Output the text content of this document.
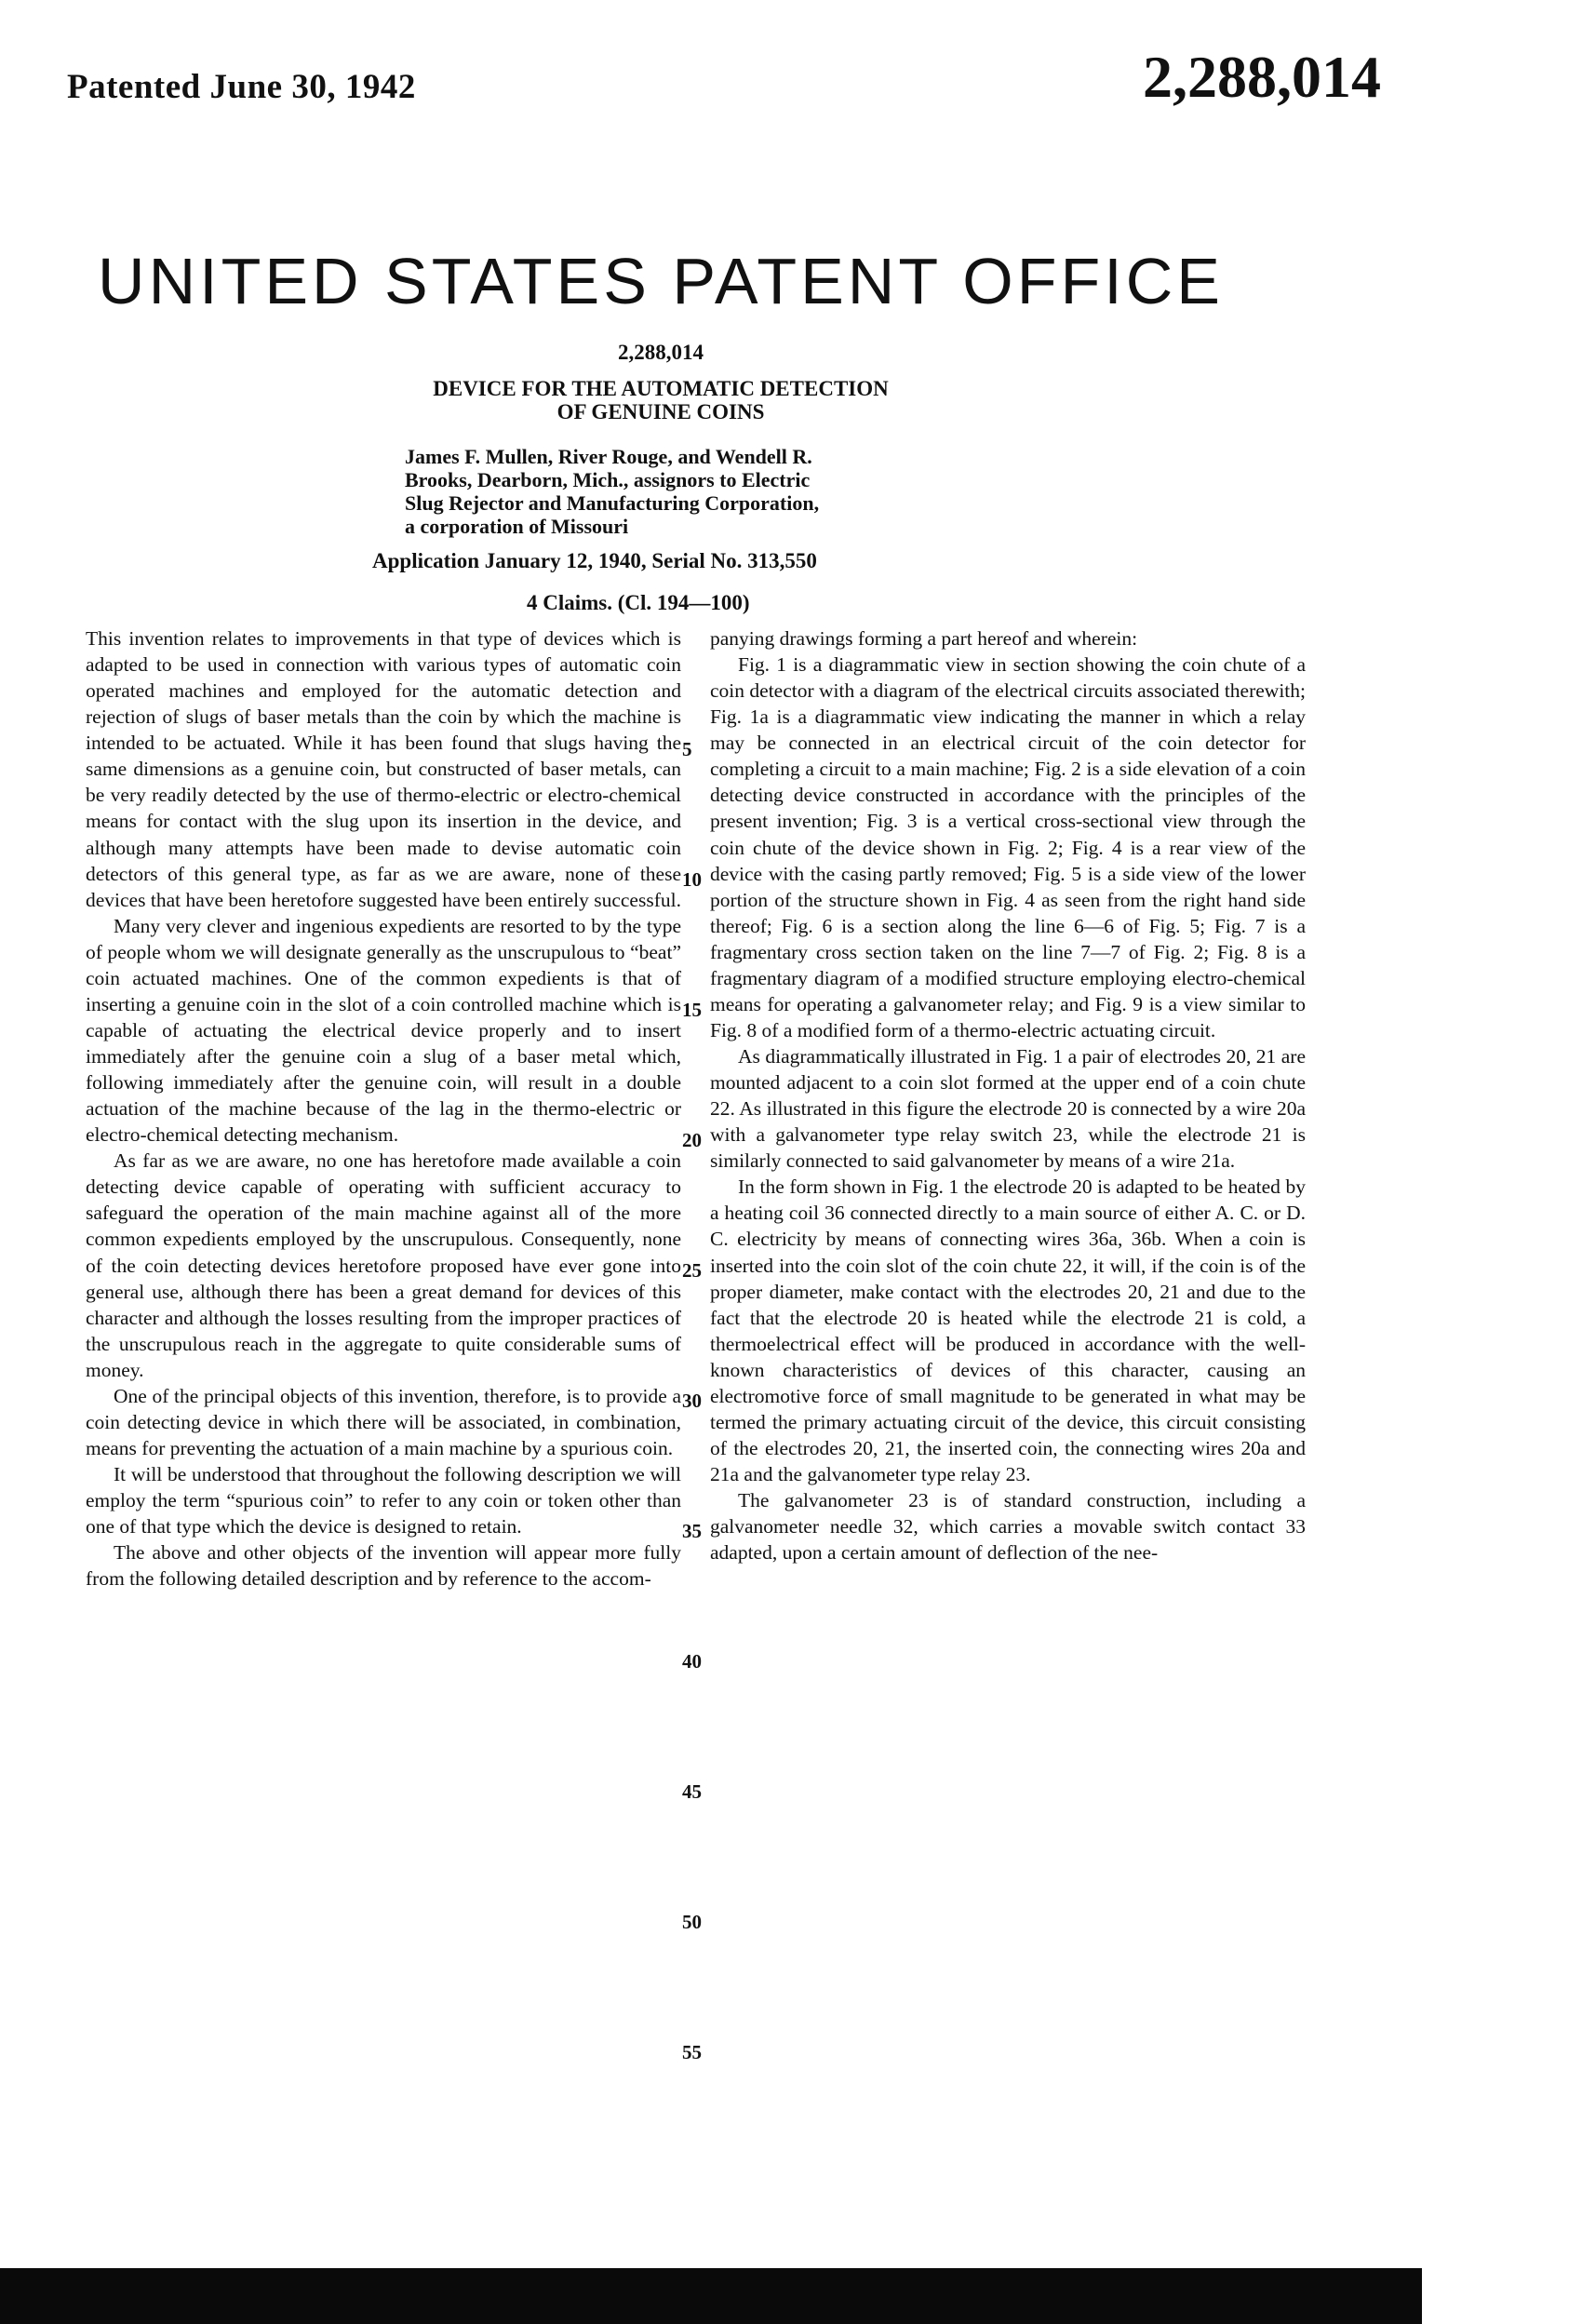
Patented June 30, 1942	2,288,014
UNITED STATES PATENT OFFICE
2,288,014
DEVICE FOR THE AUTOMATIC DETECTION
OF GENUINE COINS
James F. Mullen, River Rouge, and Wendell R.
Brooks, Dearborn, Mich., assignors to Electric
Slug Rejector and Manufacturing Corporation,
a corporation of Missouri
Application January 12, 1940, Serial No. 313,550
4 Claims. (Cl. 194—100)

This invention relates to improvements in that type of devices which is adapted to be used in connection with various types of automatic coin operated machines and employed for the automatic detection and rejection of slugs of baser metals than the coin by which the machine is intended to be actuated. While it has been found that slugs having the same dimensions as a genuine coin, but constructed of baser metals, can be very readily detected by the use of thermo-electric or electro-chemical means for contact with the slug upon its insertion in the device, and although many attempts have been made to devise automatic coin detectors of this general type, as far as we are aware, none of these devices that have been heretofore suggested have been entirely successful.

Many very clever and ingenious expedients are resorted to by the type of people whom we will designate generally as the unscrupulous to “beat” coin actuated machines. One of the common expedients is that of inserting a genuine coin in the slot of a coin controlled machine which is capable of actuating the electrical device properly and to insert immediately after the genuine coin a slug of a baser metal which, following immediately after the genuine coin, will result in a double actuation of the machine because of the lag in the thermo-electric or electro-chemical detecting mechanism.

As far as we are aware, no one has heretofore made available a coin detecting device capable of operating with sufficient accuracy to safeguard the operation of the main machine against all of the more common expedients employed by the unscrupulous. Consequently, none of the coin detecting devices heretofore proposed have ever gone into general use, although there has been a great demand for devices of this character and although the losses resulting from the improper practices of the unscrupulous reach in the aggregate to quite considerable sums of money.

One of the principal objects of this invention, therefore, is to provide a coin detecting device in which there will be associated, in combination, means for preventing the actuation of a main machine by a spurious coin.

It will be understood that throughout the following description we will employ the term “spurious coin” to refer to any coin or token other than one of that type which the device is designed to retain.

The above and other objects of the invention will appear more fully from the following detailed description and by reference to the accom-

5
10
15
20
25
30
35
40
45
50
55

panying drawings forming a part hereof and wherein:

Fig. 1 is a diagrammatic view in section showing the coin chute of a coin detector with a diagram of the electrical circuits associated therewith; Fig. 1a is a diagrammatic view indicating the manner in which a relay may be connected in an electrical circuit of the coin detector for completing a circuit to a main machine; Fig. 2 is a side elevation of a coin detecting device constructed in accordance with the principles of the present invention; Fig. 3 is a vertical cross-sectional view through the coin chute of the device shown in Fig. 2; Fig. 4 is a rear view of the device with the casing partly removed; Fig. 5 is a side view of the lower portion of the structure shown in Fig. 4 as seen from the right hand side thereof; Fig. 6 is a section along the line 6—6 of Fig. 5; Fig. 7 is a fragmentary cross section taken on the line 7—7 of Fig. 2; Fig. 8 is a fragmentary diagram of a modified structure employing electro-chemical means for operating a galvanometer relay; and Fig. 9 is a view similar to Fig. 8 of a modified form of a thermo-electric actuating circuit.

As diagrammatically illustrated in Fig. 1 a pair of electrodes 20, 21 are mounted adjacent to a coin slot formed at the upper end of a coin chute 22. As illustrated in this figure the electrode 20 is connected by a wire 20a with a galvanometer type relay switch 23, while the electrode 21 is similarly connected to said galvanometer by means of a wire 21a.

In the form shown in Fig. 1 the electrode 20 is adapted to be heated by a heating coil 36 connected directly to a main source of either A. C. or D. C. electricity by means of connecting wires 36a, 36b. When a coin is inserted into the coin slot of the coin chute 22, it will, if the coin is of the proper diameter, make contact with the electrodes 20, 21 and due to the fact that the electrode 20 is heated while the electrode 21 is cold, a thermoelectrical effect will be produced in accordance with the well-known characteristics of devices of this character, causing an electromotive force of small magnitude to be generated in what may be termed the primary actuating circuit of the device, this circuit consisting of the electrodes 20, 21, the inserted coin, the connecting wires 20a and 21a and the galvanometer type relay 23.

The galvanometer 23 is of standard construction, including a galvanometer needle 32, which carries a movable switch contact 33 adapted, upon a certain amount of deflection of the nee-
